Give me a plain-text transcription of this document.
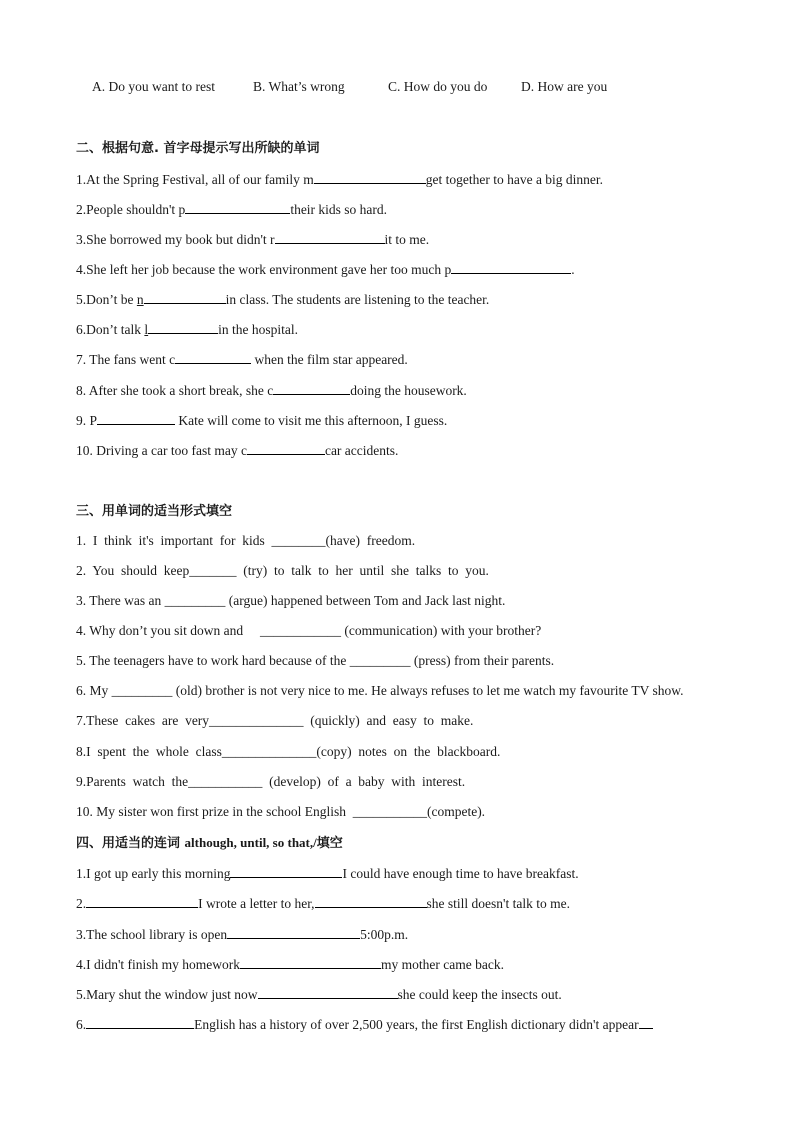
A. Do you want to rest	B. What’s wrong	C. How do you do D. How are you
二、根据句意. 首字母提示写出所缺的单词
1.At the Spring Festival, all of our family m	get together to have a big dinner.
2.People shouldn't p	their kids so hard.
3.She borrowed my book but didn't r	it to me.
4.She left her job because the work environment gave her too much p	.
5.Don’t be n	in class. The students are listening to the teacher.
6.Don’t talk l	in the hospital.
7. The fans went c	when the film star appeared.
8. After she took a short break, she c	doing the housework.
9. P	Kate will come to visit me this afternoon, I guess.
10. Driving a car too fast may c	car accidents.
三、用单词的适当形式填空
1.  I  think  it's  important  for  kids  ________(have)  freedom.
2.  You  should  keep_______  (try)  to  talk  to  her  until  she  talks  to  you.
3. There was an _________ (argue) happened between Tom and Jack last night.
4. Why don’t you sit down and     ____________ (communication) with your brother?
5. The teenagers have to work hard because of the _________ (press) from their parents.
6. My _________ (old) brother is not very nice to me. He always refuses to let me watch my favourite TV show.
7.These  cakes  are  very______________  (quickly)  and  easy  to  make.
8.I  spent  the  whole  class______________(copy)  notes  on  the  blackboard.
9.Parents  watch  the___________  (develop)  of  a  baby  with  interest.
10. My sister won first prize in the school English  ___________(compete).
四、用适当的连词 although, until, so that,/填空
1.I got up early this morning	I could have enough time to have breakfast.
2.	I wrote a letter to her,	she still doesn't talk to me.
3.The school library is open	5:00p.m.
4.I didn't finish my homework	my mother came back.
5.Mary shut the window just now	she could keep the insects out.
6.	English has a history of over 2,500 years, the first English dictionary didn't appear
